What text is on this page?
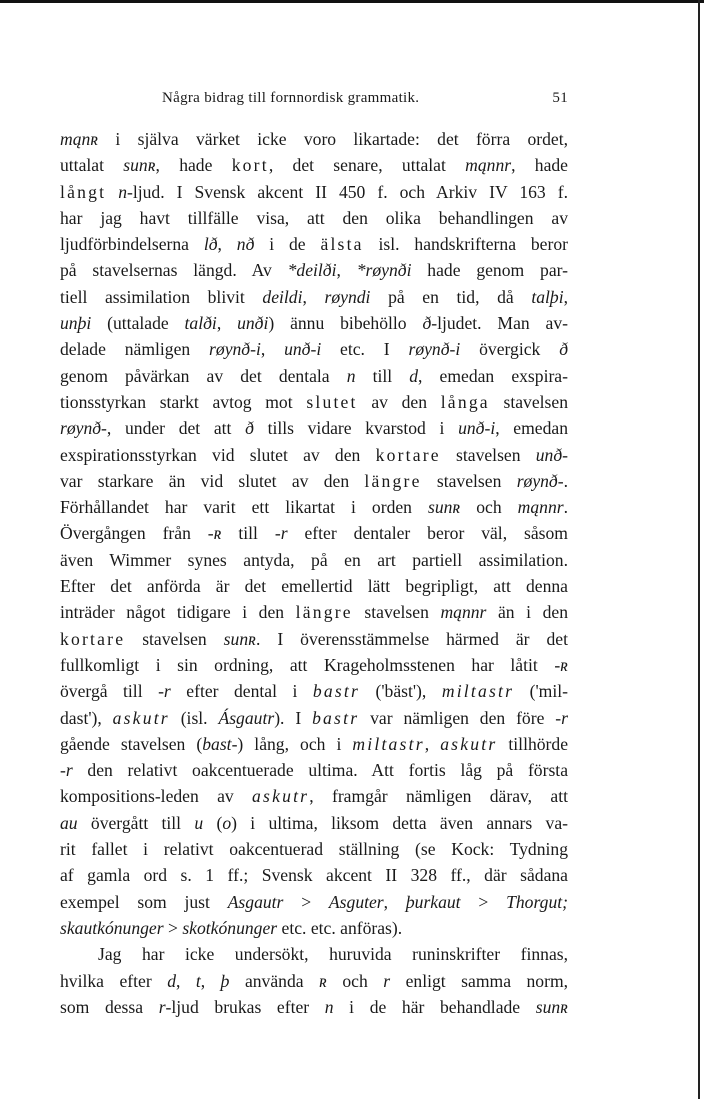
Några bidrag till fornnordisk grammatik.	51
mąnʀ i själva värket icke voro likartade: det förra ordet,
uttalat sunʀ, hade kort, det senare, uttalat mąnnr, hade
långt n-ljud. I Svensk akcent II 450 f. och Arkiv IV 163 f.
har jag havt tillfälle visa, att den olika behandlingen av
ljudförbindelserna lð, nð i de älsta isl. handskrifterna beror
på stavelsernas längd. Av *deilði, *røynði hade genom par-
tiell assimilation blivit deildi, røyndi på en tid, då talþi,
unþi (uttalade talði, unði) ännu bibehöllo ð-ljudet. Man av-
delade nämligen røynð-i, unð-i etc. I røynð-i övergick ð
genom påvärkan av det dentala n till d, emedan exspira-
tionsstyrkan starkt avtog mot slutet av den långa stavelsen
røynð-, under det att ð tills vidare kvarstod i unð-i, emedan
exspirationsstyrkan vid slutet av den kortare stavelsen unð-
var starkare än vid slutet av den längre stavelsen røynð-.
Förhållandet har varit ett likartat i orden sunʀ och mąnnr.
Övergången från -ʀ till -r efter dentaler beror väl, såsom
även Wimmer synes antyda, på en art partiell assimilation.
Efter det anförda är det emellertid lätt begripligt, att denna
inträder något tidigare i den längre stavelsen mąnnr än i den
kortare stavelsen sunʀ. I överensstämmelse härmed är det
fullkomligt i sin ordning, att Krageholmsstenen har låtit -ʀ
övergå till -r efter dental i bastr ('bäst'), miltastr ('mil-
dast'), askutr (isl. Ásgautr). I bastr var nämligen den före -r
gående stavelsen (bast-) lång, och i miltastr, askutr tillhörde
-r den relativt oakcentuerade ultima. Att fortis låg på första
kompositions-leden av askutr, framgår nämligen därav, att
au övergått till u (o) i ultima, liksom detta även annars va-
rit fallet i relativt oakcentuerad ställning (se Kock: Tydning
af gamla ord s. 1 ff.; Svensk akcent II 328 ff., där sådana
exempel som just Asgautr > Asguter, þurkaut > Thorgut;
skautkónunger > skotkónunger etc. etc. anföras).
Jag har icke undersökt, huruvida runinskrifter finnas,
hvilka efter d, t, þ använda ʀ och r enligt samma norm,
som dessa r-ljud brukas efter n i de här behandlade sunʀ
